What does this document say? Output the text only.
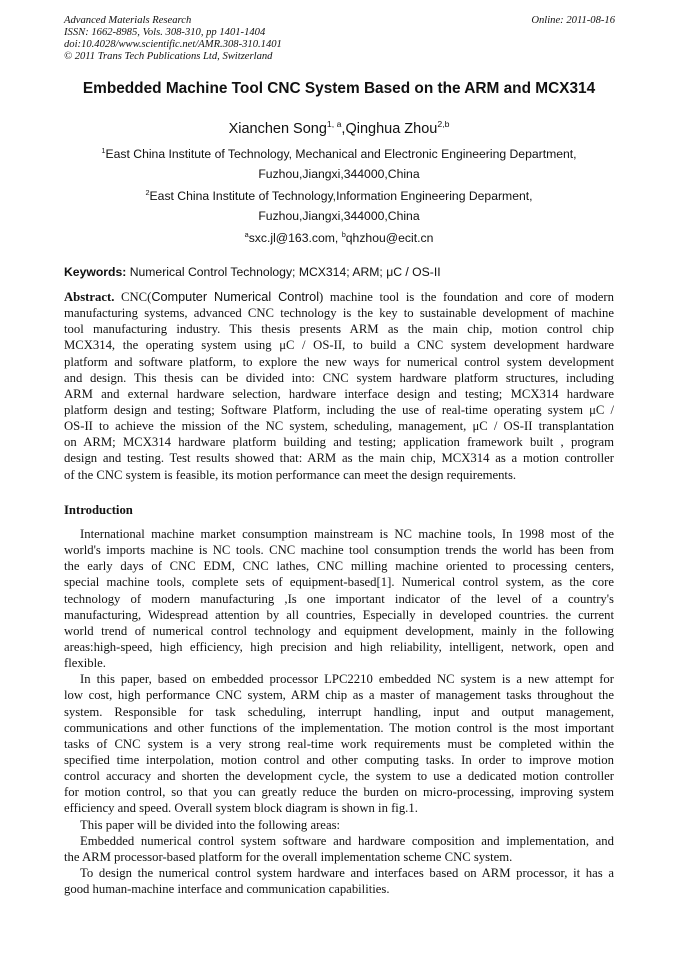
Advanced Materials Research
ISSN: 1662-8985, Vols. 308-310, pp 1401-1404
doi:10.4028/www.scientific.net/AMR.308-310.1401
© 2011 Trans Tech Publications Ltd, Switzerland
Online: 2011-08-16
Embedded Machine Tool CNC System Based on the ARM and MCX314
Xianchen Song$^{1, a}$,Qinghua Zhou$^{2,b}$
$^1$East China Institute of Technology, Mechanical and Electronic Engineering Department,
Fuzhou,Jiangxi,344000,China
$^2$East China Institute of Technology,Information Engineering Deparment,
Fuzhou,Jiangxi,344000,China
$^a$sxc.jl@163.com, $^b$qhzhou@ecit.cn
Keywords: Numerical Control Technology; MCX314; ARM; μC / OS-II
Abstract. CNC(Computer Numerical Control) machine tool is the foundation and core of modern
manufacturing systems, advanced CNC technology is the key to sustainable development of machine
tool manufacturing industry. This thesis presents ARM as the main chip, motion control chip
MCX314, the operating system using μC / OS-II, to build a CNC system development hardware
platform and software platform, to explore the new ways for numerical control system development
and design. This thesis can be divided into: CNC system hardware platform structures, including
ARM and external hardware selection, hardware interface design and testing; MCX314 hardware
platform design and testing; Software Platform, including the use of real-time operating system μC /
OS-II to achieve the mission of the NC system, scheduling, management, μC / OS-II transplantation
on ARM; MCX314 hardware platform building and testing; application framework built , program
design and testing. Test results showed that: ARM as the main chip, MCX314 as a motion controller
of the CNC system is feasible, its motion performance can meet the design requirements.
Introduction
International machine market consumption mainstream is NC machine tools, In 1998 most of the
world's imports machine is NC tools. CNC machine tool consumption trends the world has been from
the early days of CNC EDM, CNC lathes, CNC milling machine oriented to processing centers,
special machine tools, complete sets of equipment-based[1]. Numerical control system, as the core
technology of modern manufacturing ,Is one important indicator of the level of a country's
manufacturing, Widespread attention by all countries, Especially in developed countries. the current
world trend of numerical control technology and equipment development, mainly in the following
areas:high-speed, high efficiency, high precision and high reliability, intelligent, network, open and
flexible.
In this paper, based on embedded processor LPC2210 embedded NC system is a new attempt for
low cost, high performance CNC system, ARM chip as a master of management tasks throughout the
system. Responsible for task scheduling, interrupt handling, input and output management,
communications and other functions of the implementation. The motion control is the most important
tasks of CNC system is a very strong real-time work requirements must be completed within the
specified time interpolation, motion control and other computing tasks. In order to improve motion
control accuracy and shorten the development cycle, the system to use a dedicated motion controller
for motion control, so that you can greatly reduce the burden on micro-processing, improving system
efficiency and speed. Overall system block diagram is shown in fig.1.
This paper will be divided into the following areas:
Embedded numerical control system software and hardware composition and implementation, and
the ARM processor-based platform for the overall implementation scheme CNC system.
To design the numerical control system hardware and interfaces based on ARM processor, it has a
good human-machine interface and communication capabilities.
